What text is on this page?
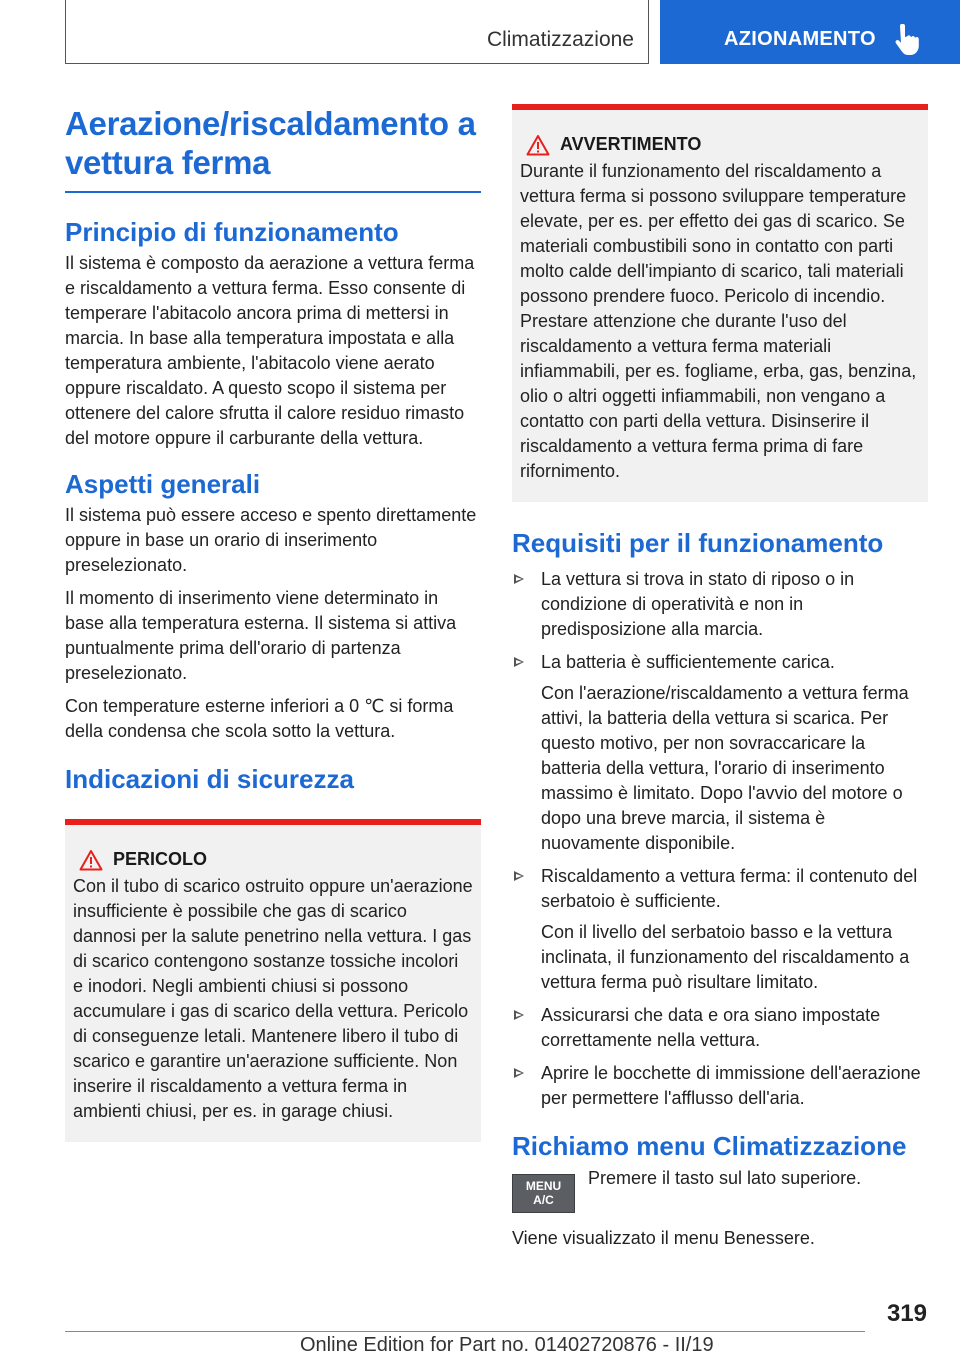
Climatizzazione	AZIONAMENTO
Aerazione/riscaldamento a vettura ferma
Principio di funzionamento

Il sistema è composto da aerazione a vettura ferma e riscaldamento a vettura ferma. Esso consente di temperare l'abitacolo ancora prima di mettersi in marcia. In base alla temperatura impostata e alla temperatura ambiente, l'abitacolo viene aerato oppure riscaldato. A questo scopo il sistema per ottenere del calore sfrutta il calore residuo rimasto del motore oppure il carburante della vettura.

Aspetti generali

Il sistema può essere acceso e spento direttamente oppure in base un orario di inserimento preselezionato.

Il momento di inserimento viene determinato in base alla temperatura esterna. Il sistema si attiva puntualmente prima dell'orario di partenza preselezionato.

Con temperature esterne inferiori a 0 ℃ si forma della condensa che scola sotto la vettura.

Indicazioni di sicurezza
PERICOLO

Con il tubo di scarico ostruito oppure un'aerazione insufficiente è possibile che gas di scarico dannosi per la salute penetrino nella vettura. I gas di scarico contengono sostanze tossiche incolori e inodori. Negli ambienti chiusi si possono accumulare i gas di scarico della vettura. Pericolo di conseguenze letali. Mantenere libero il tubo di scarico e garantire un'aerazione sufficiente. Non inserire il riscaldamento a vettura ferma in ambienti chiusi, per es. in garage chiusi.

AVVERTIMENTO

Durante il funzionamento del riscaldamento a vettura ferma si possono sviluppare temperature elevate, per es. per effetto dei gas di scarico. Se materiali combustibili sono in contatto con parti molto calde dell'impianto di scarico, tali materiali possono prendere fuoco. Pericolo di incendio. Prestare attenzione che durante l'uso del riscaldamento a vettura ferma materiali infiammabili, per es. fogliame, erba, gas, benzina, olio o altri oggetti infiammabili, non vengano a contatto con parti della vettura. Disinserire il riscaldamento a vettura ferma prima di fare rifornimento.

Requisiti per il funzionamento

La vettura si trova in stato di riposo o in condizione di operatività e non in predisposizione alla marcia.

La batteria è sufficientemente carica.

Con l'aerazione/riscaldamento a vettura ferma attivi, la batteria della vettura si scarica. Per questo motivo, per non sovraccaricare la batteria della vettura, l'orario di inserimento massimo è limitato. Dopo l'avvio del motore o dopo una breve marcia, il sistema è nuovamente disponibile.

Riscaldamento a vettura ferma: il contenuto del serbatoio è sufficiente.

Con il livello del serbatoio basso e la vettura inclinata, il funzionamento del riscaldamento a vettura ferma può risultare limitato.

Assicurarsi che data e ora siano impostate correttamente nella vettura.

Aprire le bocchette di immissione dell'aerazione per permettere l'afflusso dell'aria.

Richiamo menu Climatizzazione
MENU
A/C

Premere il tasto sul lato superiore.

Viene visualizzato il menu Benessere.

319
Online Edition for Part no. 01402720876 - II/19
